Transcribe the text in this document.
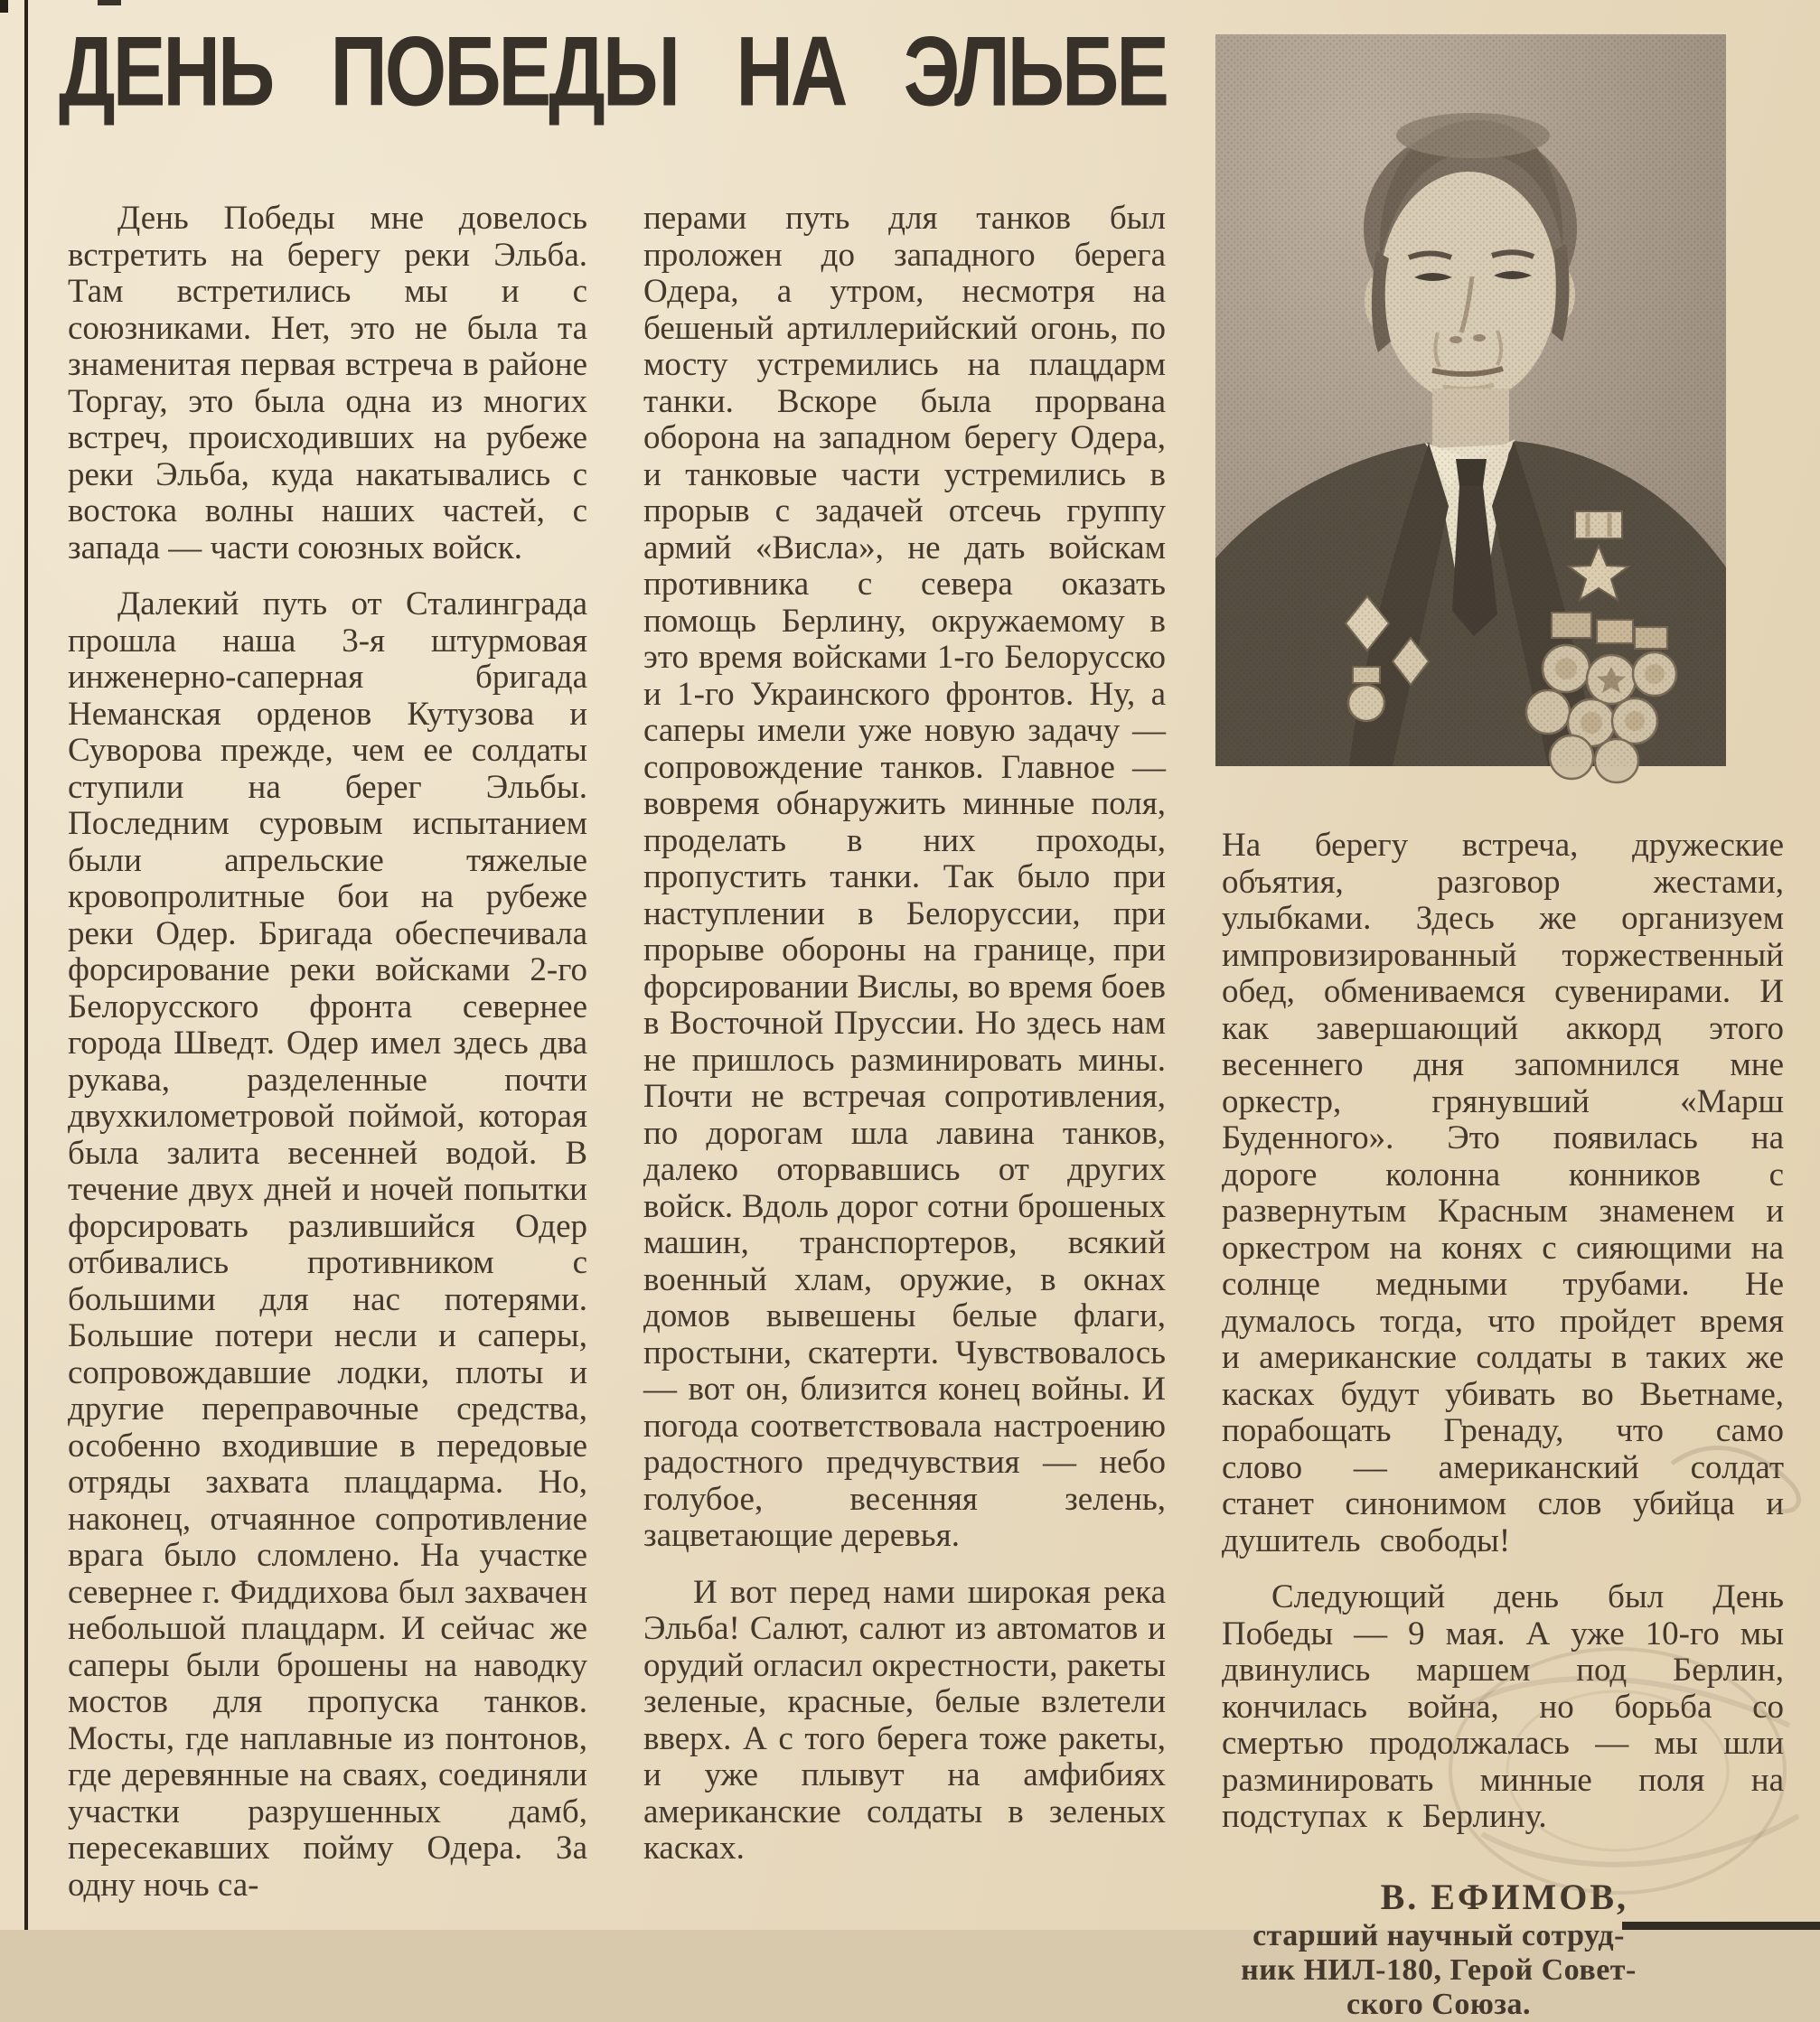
ДЕНЬ ПОБЕДЫ НА ЭЛЬБЕ

День Победы мне довелось встретить на берегу реки Эльба. Там встретились мы и с союзниками. Нет, это не была та знаменитая первая встреча в районе Торгау, это была одна из многих встреч, происходивших на рубеже реки Эльба, куда накатывались с востока волны наших частей, с запада — части союзных войск.

Далекий путь от Сталинграда прошла наша 3-я штурмовая инженерно-саперная бригада Неманская орденов Кутузова и Суворова прежде, чем ее солдаты ступили на берег Эльбы. Последним суровым испытанием были апрельские тяжелые кровопролитные бои на рубеже реки Одер. Бригада обеспечивала форсирование реки войсками 2-го Белорусского фронта севернее города Шведт. Одер имел здесь два рукава, разделенные почти двухкилометровой поймой, которая была залита весенней водой. В течение двух дней и ночей попытки форсировать разлившийся Одер отбивались противником с большими для нас потерями. Большие потери несли и саперы, сопровождавшие лодки, плоты и другие переправочные средства, особенно входившие в передовые отряды захвата плацдарма. Но, наконец, отчаянное сопротивление врага было сломлено. На участке севернее г. Фиддихова был захвачен небольшой плацдарм. И сейчас же саперы были брошены на наводку мостов для пропуска танков. Мосты, где наплавные из понтонов, где деревянные на сваях, соединяли участки разрушенных дамб, пересекавших пойму Одера. За одну ночь са-

перами путь для танков был проложен до западного берега Одера, а утром, несмотря на бешеный артиллерийский огонь, по мосту устремились на плацдарм танки. Вскоре была прорвана оборона на западном берегу Одера, и танковые части устремились в прорыв с задачей отсечь группу армий «Висла», не дать войскам противника с севера оказать помощь Берлину, окружаемому в это время войсками 1-го Белорусско и 1-го Украинского фронтов. Ну, а саперы имели уже новую задачу — сопровождение танков. Главное — вовремя обнаружить минные поля, проделать в них проходы, пропустить танки. Так было при наступлении в Белоруссии, при прорыве обороны на границе, при форсировании Вислы, во время боев в Восточной Пруссии. Но здесь нам не пришлось разминировать мины. Почти не встречая сопротивления, по дорогам шла лавина танков, далеко оторвавшись от других войск. Вдоль дорог сотни брошеных машин, транспортеров, всякий военный хлам, оружие, в окнах домов вывешены белые флаги, простыни, скатерти. Чувствовалось — вот он, близится конец войны. И погода соответствовала настроению радостного предчувствия — небо голубое, весенняя зелень, зацветающие деревья.

И вот перед нами широкая река Эльба! Салют, салют из автоматов и орудий огласил окрестности, ракеты зеленые, красные, белые взлетели вверх. А с того берега тоже ракеты, и уже плывут на амфибиях американские солдаты в зеленых касках.

На берегу встреча, дружеские объятия, разговор жестами, улыбками. Здесь же организуем импровизированный торжественный обед, обмениваемся сувенирами. И как завершающий аккорд этого весеннего дня запомнился мне оркестр, грянувший «Марш Буденного». Это появилась на дороге колонна конников с развернутым Красным знаменем и оркестром на конях с сияющими на солнце медными трубами. Не думалось тогда, что пройдет время и американские солдаты в таких же касках будут убивать во Вьетнаме, порабощать Гренаду, что само слово — американский солдат станет синонимом слов убийца и душитель свободы!

Следующий день был День Победы — 9 мая. А уже 10-го мы двинулись маршем под Берлин, кончилась война, но борьба со смертью продолжалась — мы шли разминировать минные поля на подступах к Берлину.

В. ЕФИМОВ,
старший научный сотруд-
ник НИЛ-180, Герой Совет-
ского Союза.
